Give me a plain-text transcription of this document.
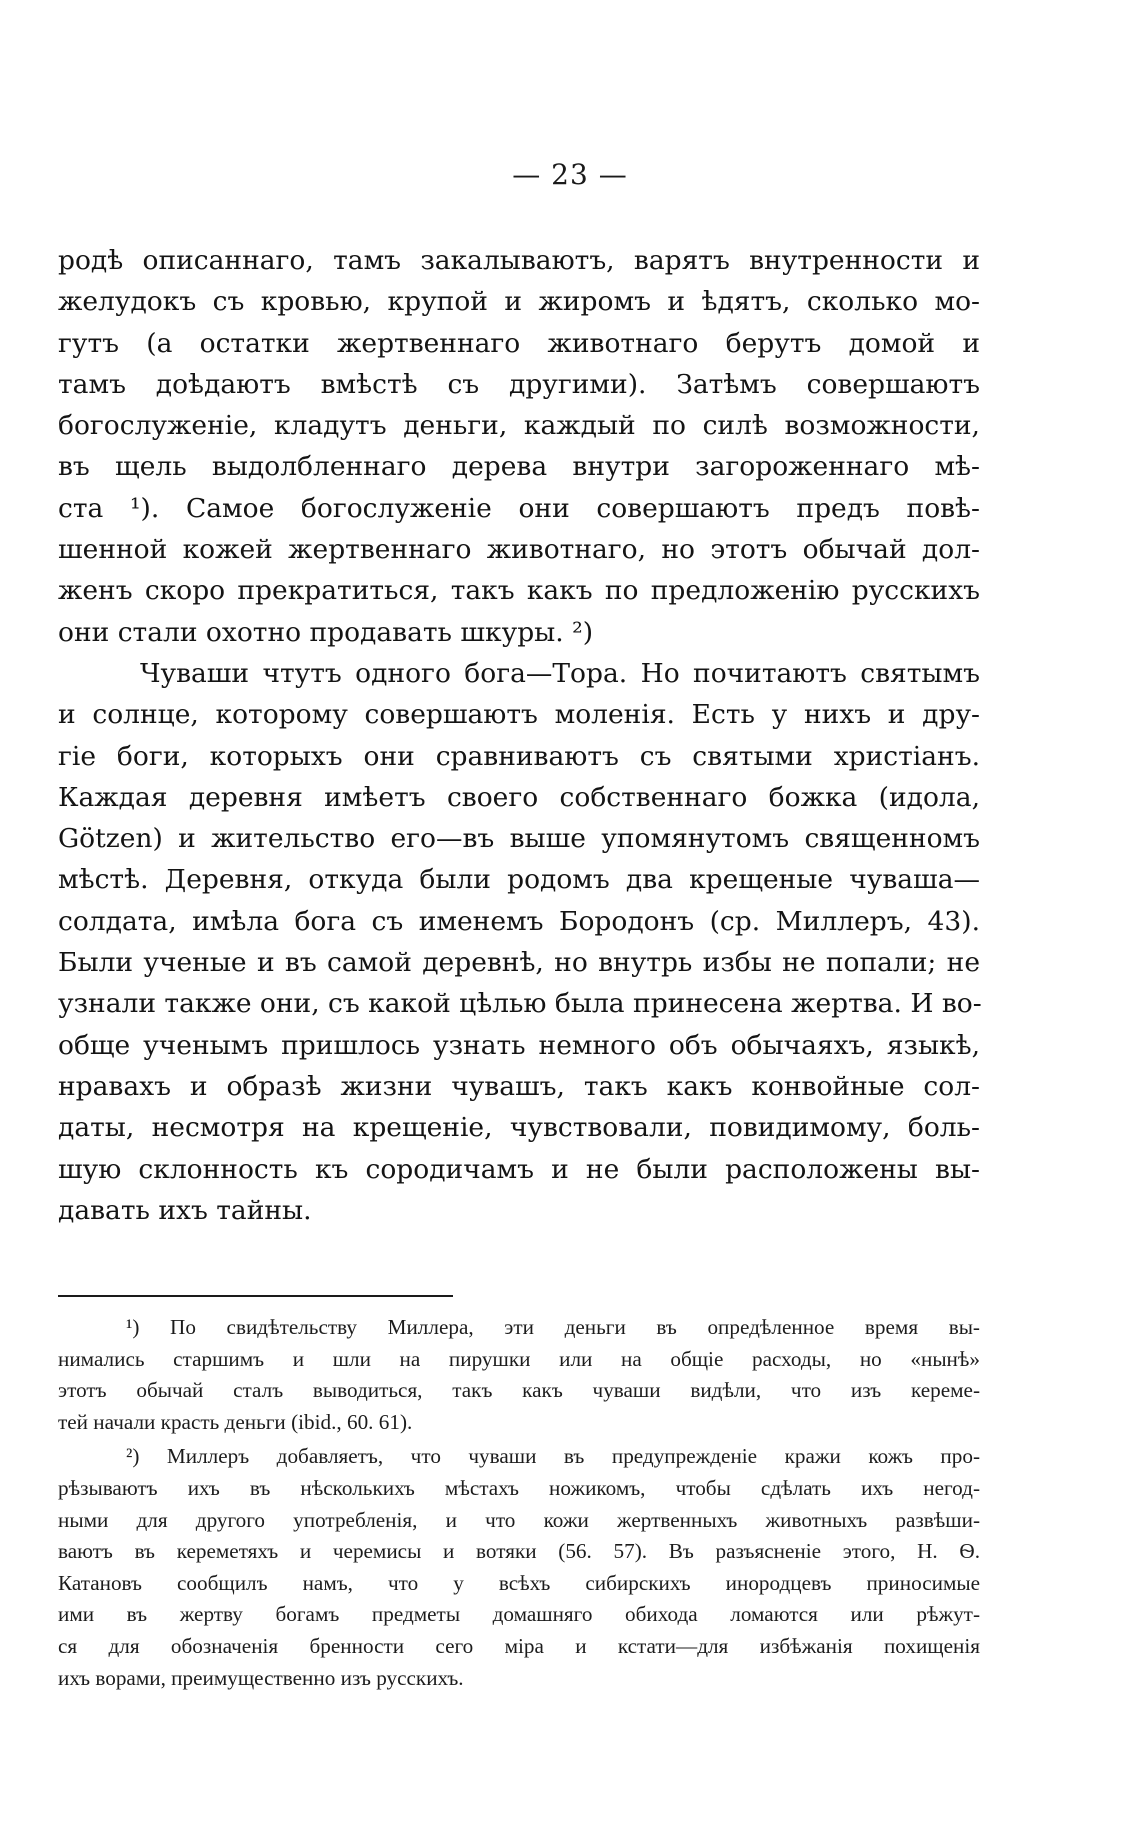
— 23 —
родѣ описаннаго, тамъ закалываютъ, варятъ внутренности и
желудокъ съ кровью, крупой и жиромъ и ѣдятъ, сколько мо-
гутъ (а остатки жертвеннаго животнаго берутъ домой и
тамъ доѣдаютъ вмѣстѣ съ другими). Затѣмъ совершаютъ
богослуженіе, кладутъ деньги, каждый по силѣ возможности,
въ щель выдолбленнаго дерева внутри загороженнаго мѣ-
ста ¹). Самое богослуженіе они совершаютъ предъ повѣ-
шенной кожей жертвеннаго животнаго, но этотъ обычай дол-
женъ скоро прекратиться, такъ какъ по предложенію русскихъ
они стали охотно продавать шкуры. ²)
Чуваши чтутъ одного бога—Тора. Но почитаютъ святымъ
и солнце, которому совершаютъ моленія. Есть у нихъ и дру-
гіе боги, которыхъ они сравниваютъ съ святыми христіанъ.
Каждая деревня имѣетъ своего собственнаго божка (идола,
Götzen) и жительство его—въ выше упомянутомъ священномъ
мѣстѣ. Деревня, откуда были родомъ два крещеные чуваша—
солдата, имѣла бога съ именемъ Бородонъ (ср. Миллеръ, 43).
Были ученые и въ самой деревнѣ, но внутрь избы не попали; не
узнали также они, съ какой цѣлью была принесена жертва. И во-
обще ученымъ пришлось узнать немного объ обычаяхъ, языкѣ,
нравахъ и образѣ жизни чувашъ, такъ какъ конвойные сол-
даты, несмотря на крещеніе, чувствовали, повидимому, боль-
шую склонность къ сородичамъ и не были расположены вы-
давать ихъ тайны.
¹) По свидѣтельству Миллера, эти деньги въ опредѣленное время вы-
нимались старшимъ и шли на пирушки или на общіе расходы, но «нынѣ»
этотъ обычай сталъ выводиться, такъ какъ чуваши видѣли, что изъ кереме-
тей начали красть деньги (ibid., 60. 61).
²) Миллеръ добавляетъ, что чуваши въ предупрежденіе кражи кожъ про-
рѣзываютъ ихъ въ нѣсколькихъ мѣстахъ ножикомъ, чтобы сдѣлать ихъ негод-
ными для другого употребленія, и что кожи жертвенныхъ животныхъ развѣши-
ваютъ въ кереметяхъ и черемисы и вотяки (56. 57). Въ разъясненіе этого, Н. Ѳ.
Катановъ сообщилъ намъ, что у всѣхъ сибирскихъ инородцевъ приносимые
ими въ жертву богамъ предметы домашняго обихода ломаются или рѣжут-
ся для обозначенія бренности сего міра и кстати—для избѣжанія похищенія
ихъ ворами, преимущественно изъ русскихъ.
